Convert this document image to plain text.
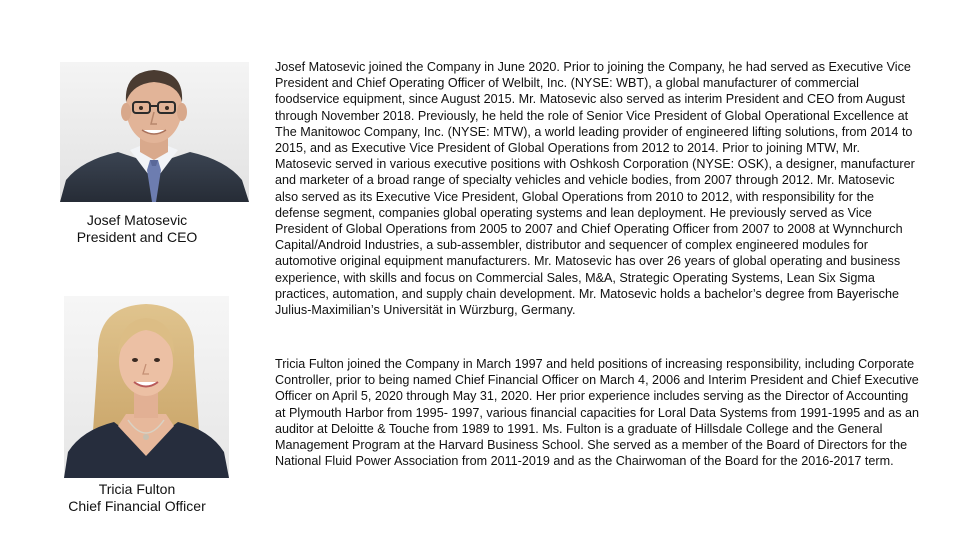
Josef Matosevic
President and CEO

Josef Matosevic joined the Company in June 2020. Prior to joining the Company, he had served as Executive Vice President and Chief Operating Officer of Welbilt, Inc. (NYSE: WBT), a global manufacturer of commercial foodservice equipment, since August 2015. Mr. Matosevic also served as interim President and CEO from August through November 2018. Previously, he held the role of Senior Vice President of Global Operational Excellence at The Manitowoc Company, Inc. (NYSE: MTW), a world leading provider of engineered lifting solutions, from 2014 to 2015, and as Executive Vice President of Global Operations from 2012 to 2014. Prior to joining MTW, Mr. Matosevic served in various executive positions with Oshkosh Corporation (NYSE: OSK), a designer, manufacturer and marketer of a broad range of specialty vehicles and vehicle bodies, from 2007 through 2012. Mr. Matosevic also served as its Executive Vice President, Global Operations from 2010 to 2012, with responsibility for the defense segment, companies global operating systems and lean deployment. He previously served as Vice President of Global Operations from 2005 to 2007 and Chief Operating Officer from 2007 to 2008 at Wynnchurch Capital/Android Industries, a sub-assembler, distributor and sequencer of complex engineered modules for automotive original equipment manufacturers. Mr. Matosevic has over 26 years of global operating and business experience, with skills and focus on Commercial Sales, M&A, Strategic Operating Systems, Lean Six Sigma practices, automation, and supply chain development. Mr. Matosevic holds a bachelor’s degree from Bayerische Julius-Maximilian’s Universität in Würzburg, Germany.

Tricia Fulton
Chief Financial Officer

Tricia Fulton joined the Company in March 1997 and held positions of increasing responsibility, including Corporate Controller, prior to being named Chief Financial Officer on March 4, 2006 and Interim President and Chief Executive Officer on April 5, 2020 through May 31, 2020. Her prior experience includes serving as the Director of Accounting at Plymouth Harbor from 1995- 1997, various financial capacities for Loral Data Systems from 1991-1995 and as an auditor at Deloitte & Touche from 1989 to 1991. Ms. Fulton is a graduate of Hillsdale College and the General Management Program at the Harvard Business School. She served as a member of the Board of Directors for the National Fluid Power Association from 2011-2019 and as the Chairwoman of the Board for the 2016-2017 term.
